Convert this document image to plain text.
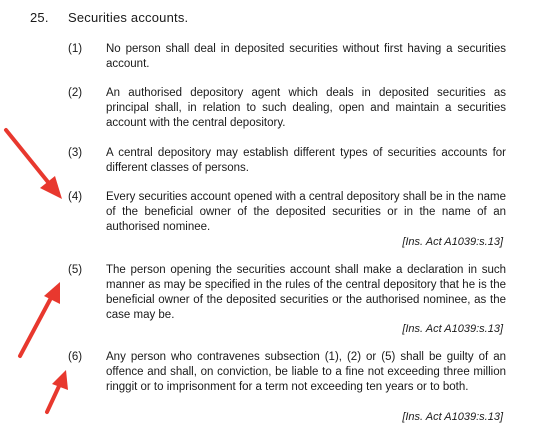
25. Securities accounts.
(1) No person shall deal in deposited securities without first having a securities account.
(2) An authorised depository agent which deals in deposited securities as principal shall, in relation to such dealing, open and maintain a securities account with the central depository.
(3) A central depository may establish different types of securities accounts for different classes of persons.
(4) Every securities account opened with a central depository shall be in the name of the beneficial owner of the deposited securities or in the name of an authorised nominee.
[Ins. Act A1039:s.13]
(5) The person opening the securities account shall make a declaration in such manner as may be specified in the rules of the central depository that he is the beneficial owner of the deposited securities or the authorised nominee, as the case may be.
[Ins. Act A1039:s.13]
(6) Any person who contravenes subsection (1), (2) or (5) shall be guilty of an offence and shall, on conviction, be liable to a fine not exceeding three million ringgit or to imprisonment for a term not exceeding ten years or to both.
[Ins. Act A1039:s.13]
